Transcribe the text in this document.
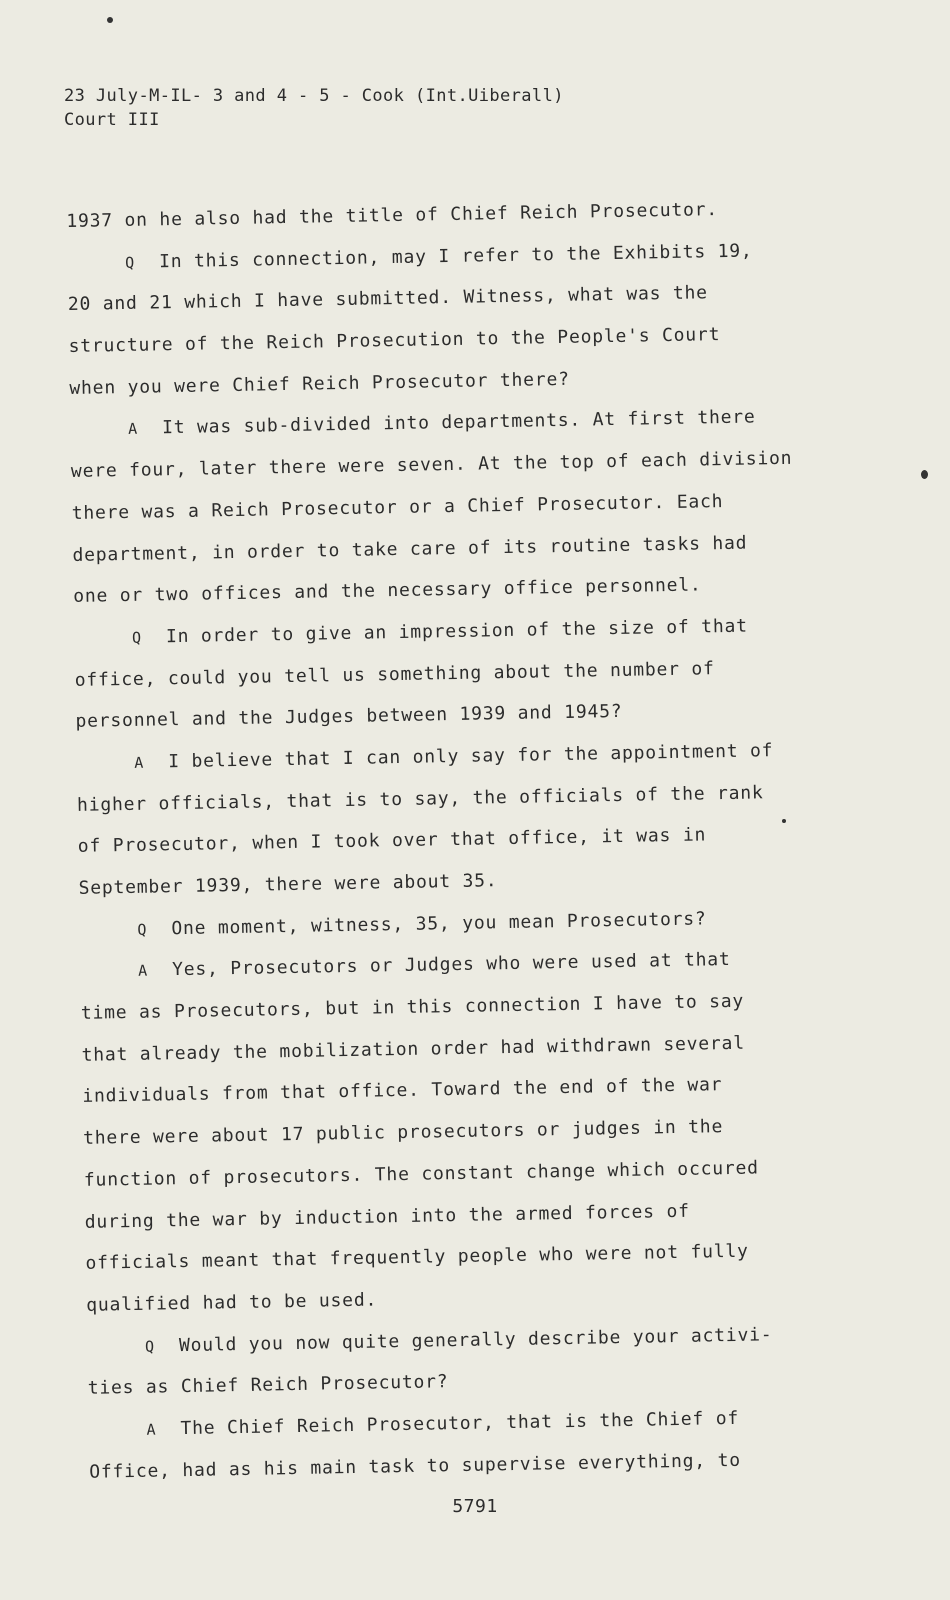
23 July-M-IL- 3 and 4 - 5 - Cook (Int.Uiberall)
Court III
1937 on he also had the title of Chief Reich Prosecutor.
Q In this connection, may I refer to the Exhibits 19,
20 and 21 which I have submitted. Witness, what was the
structure of the Reich Prosecution to the People's Court
when you were Chief Reich Prosecutor there?
A It was sub-divided into departments. At first there
were four, later there were seven. At the top of each division
there was a Reich Prosecutor or a Chief Prosecutor. Each
department, in order to take care of its routine tasks had
one or two offices and the necessary office personnel.
Q In order to give an impression of the size of that
office, could you tell us something about the number of
personnel and the Judges between 1939 and 1945?
A I believe that I can only say for the appointment of
higher officials, that is to say, the officials of the rank
of Prosecutor, when I took over that office, it was in
September 1939, there were about 35.
Q One moment, witness, 35, you mean Prosecutors?
A Yes, Prosecutors or Judges who were used at that
time as Prosecutors, but in this connection I have to say
that already the mobilization order had withdrawn several
individuals from that office. Toward the end of the war
there were about 17 public prosecutors or judges in the
function of prosecutors. The constant change which occured
during the war by induction into the armed forces of
officials meant that frequently people who were not fully
qualified had to be used.
Q Would you now quite generally describe your activi-
ties as Chief Reich Prosecutor?
A The Chief Reich Prosecutor, that is the Chief of
Office, had as his main task to supervise everything, to
5791
